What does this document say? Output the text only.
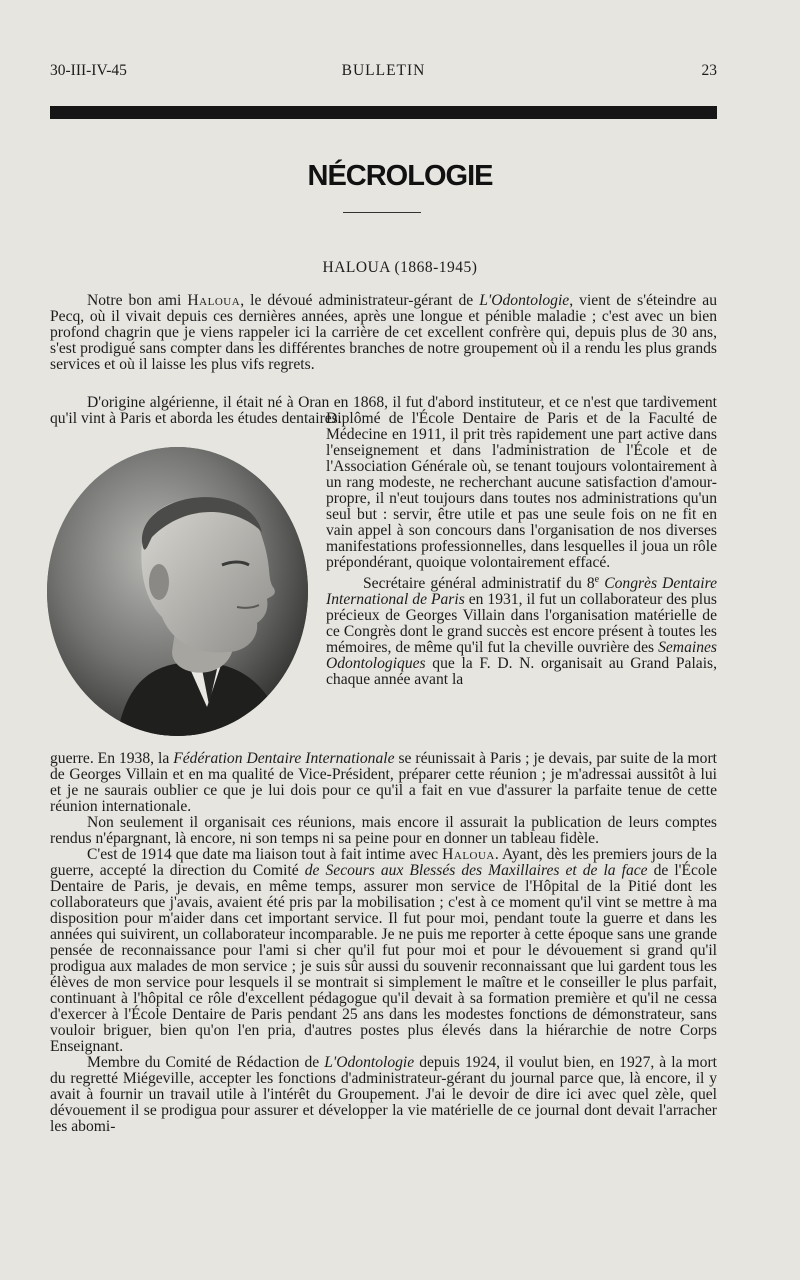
30-III-IV-45	BULLETIN	23
NÉCROLOGIE
HALOUA (1868-1945)

Notre bon ami Haloua, le dévoué administrateur-gérant de L'Odontologie, vient de s'éteindre au Pecq, où il vivait depuis ces dernières années, après une longue et pénible maladie ; c'est avec un bien profond chagrin que je viens rappeler ici la carrière de cet excellent confrère qui, depuis plus de 30 ans, s'est prodigué sans compter dans les différentes branches de notre groupement où il a rendu les plus grands services et où il laisse les plus vifs regrets.

D'origine algérienne, il était né à Oran en 1868, il fut d'abord instituteur, et ce n'est que tardivement qu'il vint à Paris et aborda les études dentaires.

Diplômé de l'École Dentaire de Paris et de la Faculté de Médecine en 1911, il prit très rapidement une part active dans l'enseignement et dans l'administration de l'École et de l'Association Générale où, se tenant toujours volontairement à un rang modeste, ne recherchant aucune satisfaction d'amour-propre, il n'eut toujours dans toutes nos administrations qu'un seul but : servir, être utile et pas une seule fois on ne fit en vain appel à son concours dans l'organisation de nos diverses manifestations professionnelles, dans lesquelles il joua un rôle prépondérant, quoique volontairement effacé.

Secrétaire général administratif du 8e Congrès Dentaire International de Paris en 1931, il fut un collaborateur des plus précieux de Georges Villain dans l'organisation matérielle de ce Congrès dont le grand succès est encore présent à toutes les mémoires, de même qu'il fut la cheville ouvrière des Semaines Odontologiques que la F. D. N. organisait au Grand Palais, chaque année avant la

guerre. En 1938, la Fédération Dentaire Internationale se réunissait à Paris ; je devais, par suite de la mort de Georges Villain et en ma qualité de Vice-Président, préparer cette réunion ; je m'adressai aussitôt à lui et je ne saurais oublier ce que je lui dois pour ce qu'il a fait en vue d'assurer la parfaite tenue de cette réunion internationale.

Non seulement il organisait ces réunions, mais encore il assurait la publication de leurs comptes rendus n'épargnant, là encore, ni son temps ni sa peine pour en donner un tableau fidèle.

C'est de 1914 que date ma liaison tout à fait intime avec Haloua. Ayant, dès les premiers jours de la guerre, accepté la direction du Comité de Secours aux Blessés des Maxillaires et de la face de l'École Dentaire de Paris, je devais, en même temps, assurer mon service de l'Hôpital de la Pitié dont les collaborateurs que j'avais, avaient été pris par la mobilisation ; c'est à ce moment qu'il vint se mettre à ma disposition pour m'aider dans cet important service. Il fut pour moi, pendant toute la guerre et dans les années qui suivirent, un collaborateur incomparable. Je ne puis me reporter à cette époque sans une grande pensée de reconnaissance pour l'ami si cher qu'il fut pour moi et pour le dévouement si grand qu'il prodigua aux malades de mon service ; je suis sûr aussi du souvenir reconnaissant que lui gardent tous les élèves de mon service pour lesquels il se montrait si simplement le maître et le conseiller le plus parfait, continuant à l'hôpital ce rôle d'excellent pédagogue qu'il devait à sa formation première et qu'il ne cessa d'exercer à l'École Dentaire de Paris pendant 25 ans dans les modestes fonctions de démonstrateur, sans vouloir briguer, bien qu'on l'en pria, d'autres postes plus élevés dans la hiérarchie de notre Corps Enseignant.

Membre du Comité de Rédaction de L'Odontologie depuis 1924, il voulut bien, en 1927, à la mort du regretté Miégeville, accepter les fonctions d'administrateur-gérant du journal parce que, là encore, il y avait à fournir un travail utile à l'intérêt du Groupement. J'ai le devoir de dire ici avec quel zèle, quel dévouement il se prodigua pour assurer et développer la vie matérielle de ce journal dont devait l'arracher les abomi-
